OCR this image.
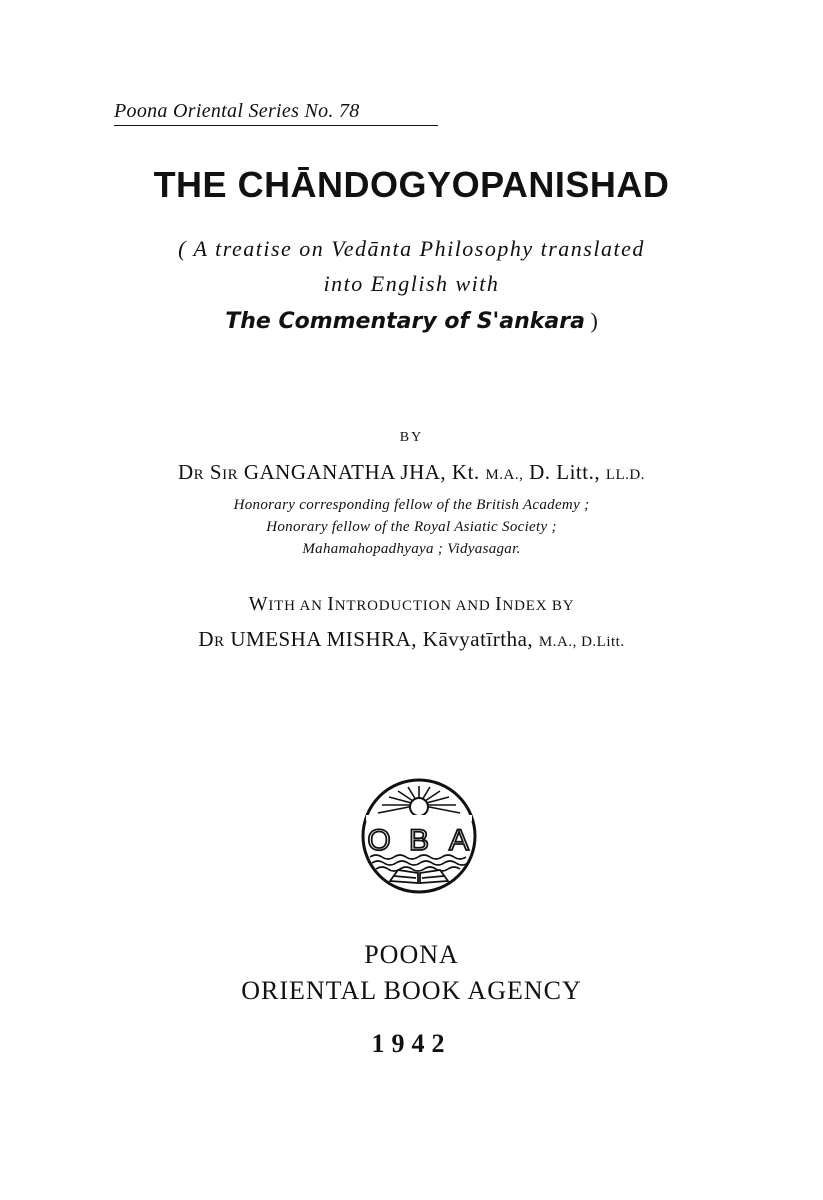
Poona Oriental Series No. 78
THE CHĀNDOGYOPANISHAD
( A treatise on Vedānta Philosophy translated
into English with
The Commentary of S'ankara )
BY
Dr Sir GANGANATHA JHA, Kt. M.A., D. Litt., LL.D.
Honorary corresponding fellow of the British Academy ;
Honorary fellow of the Royal Asiatic Society ;
Mahamahopadhyaya ; Vidyasagar.
WITH AN INTRODUCTION AND INDEX BY
Dr UMESHA MISHRA, Kāvyatīrtha, M.A., D.Litt.
O B A
POONA
ORIENTAL BOOK AGENCY
1942
